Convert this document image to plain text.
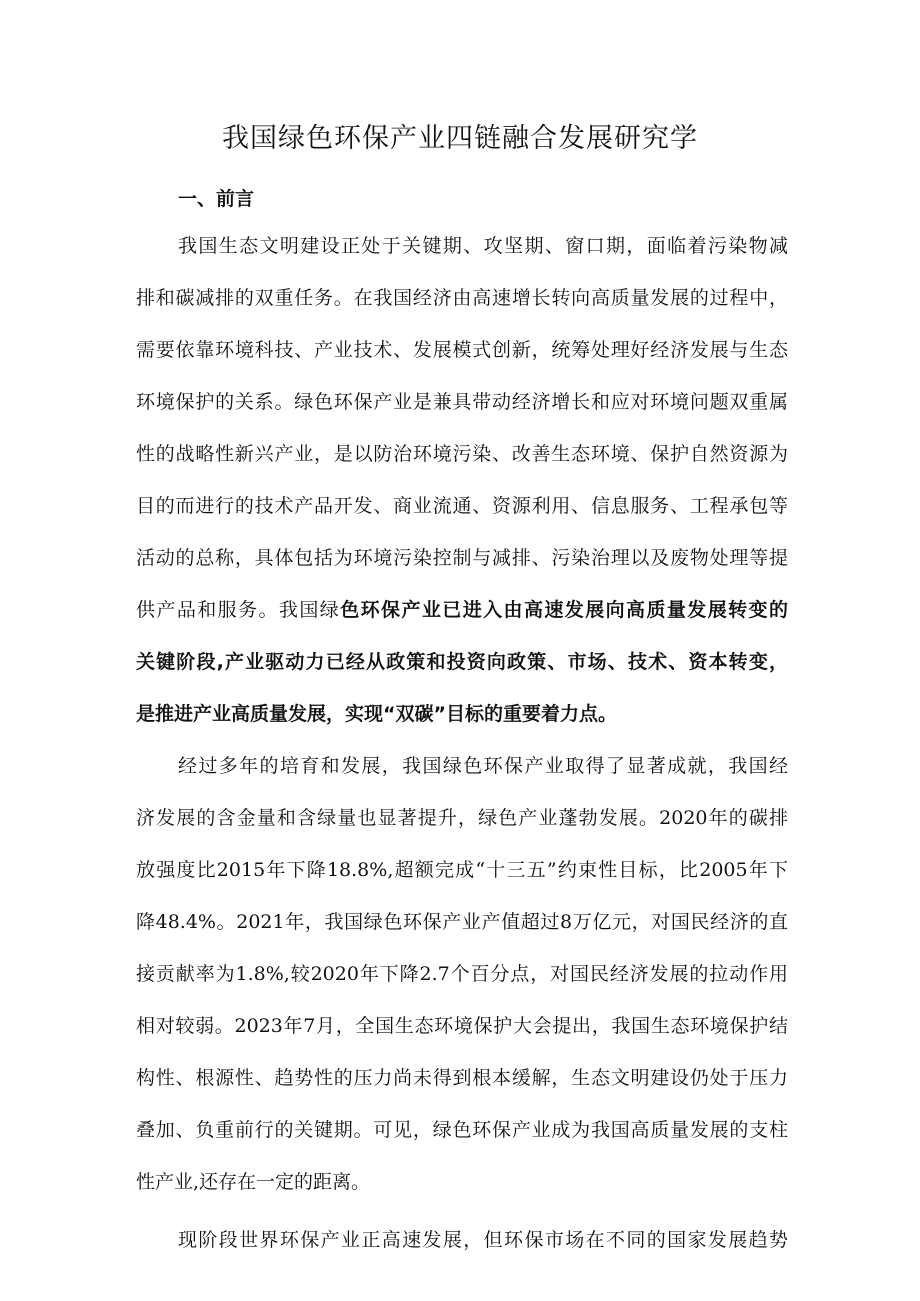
我国绿色环保产业四链融合发展研究学
一、前言
我国生态文明建设正处于关键期、攻坚期、窗口期，面临着污染物减
排和碳减排的双重任务。在我国经济由高速增长转向高质量发展的过程中，
需要依靠环境科技、产业技术、发展模式创新，统筹处理好经济发展与生态
环境保护的关系。绿色环保产业是兼具带动经济增长和应对环境问题双重属
性的战略性新兴产业，是以防治环境污染、改善生态环境、保护自然资源为
目的而进行的技术产品开发、商业流通、资源利用、信息服务、工程承包等
活动的总称，具体包括为环境污染控制与减排、污染治理以及废物处理等提
供产品和服务。我国绿色环保产业已进入由高速发展向高质量发展转变的
关键阶段,产业驱动力已经从政策和投资向政策、市场、技术、资本转变，
是推进产业高质量发展，实现“双碳”目标的重要着力点。
经过多年的培育和发展，我国绿色环保产业取得了显著成就，我国经
济发展的含金量和含绿量也显著提升，绿色产业蓬勃发展。2020年的碳排
放强度比2015年下降18.8%,超额完成“十三五”约束性目标，比2005年下
降48.4%。2021年，我国绿色环保产业产值超过8万亿元，对国民经济的直
接贡献率为1.8%,较2020年下降2.7个百分点，对国民经济发展的拉动作用
相对较弱。2023年7月，全国生态环境保护大会提出，我国生态环境保护结
构性、根源性、趋势性的压力尚未得到根本缓解，生态文明建设仍处于压力
叠加、负重前行的关键期。可见，绿色环保产业成为我国高质量发展的支柱
性产业,还存在一定的距离。
现阶段世界环保产业正高速发展，但环保市场在不同的国家发展趋势
